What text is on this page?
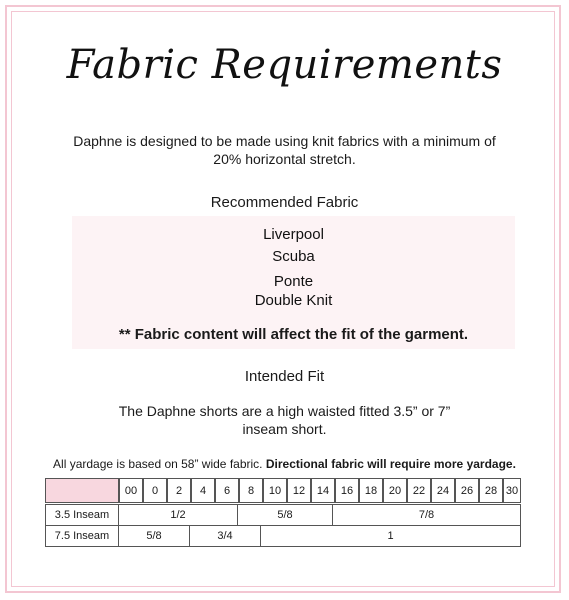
Fabric Requirements
Daphne is designed to be made using knit fabrics with a minimum of 20% horizontal stretch.
Recommended Fabric
Liverpool
Scuba
Ponte
Double Knit
** Fabric content will affect the fit of the garment.
Intended Fit
The Daphne shorts are a high waisted fitted 3.5” or 7” inseam short.
All yardage is based on 58” wide fabric. Directional fabric will require more yardage.
00	0	2	4	6	8	10	12	14	16	18	20	22	24	26	28 30
3.5 Inseam	1/2	5/8	7/8
7.5 Inseam	5/8	3/4	1
